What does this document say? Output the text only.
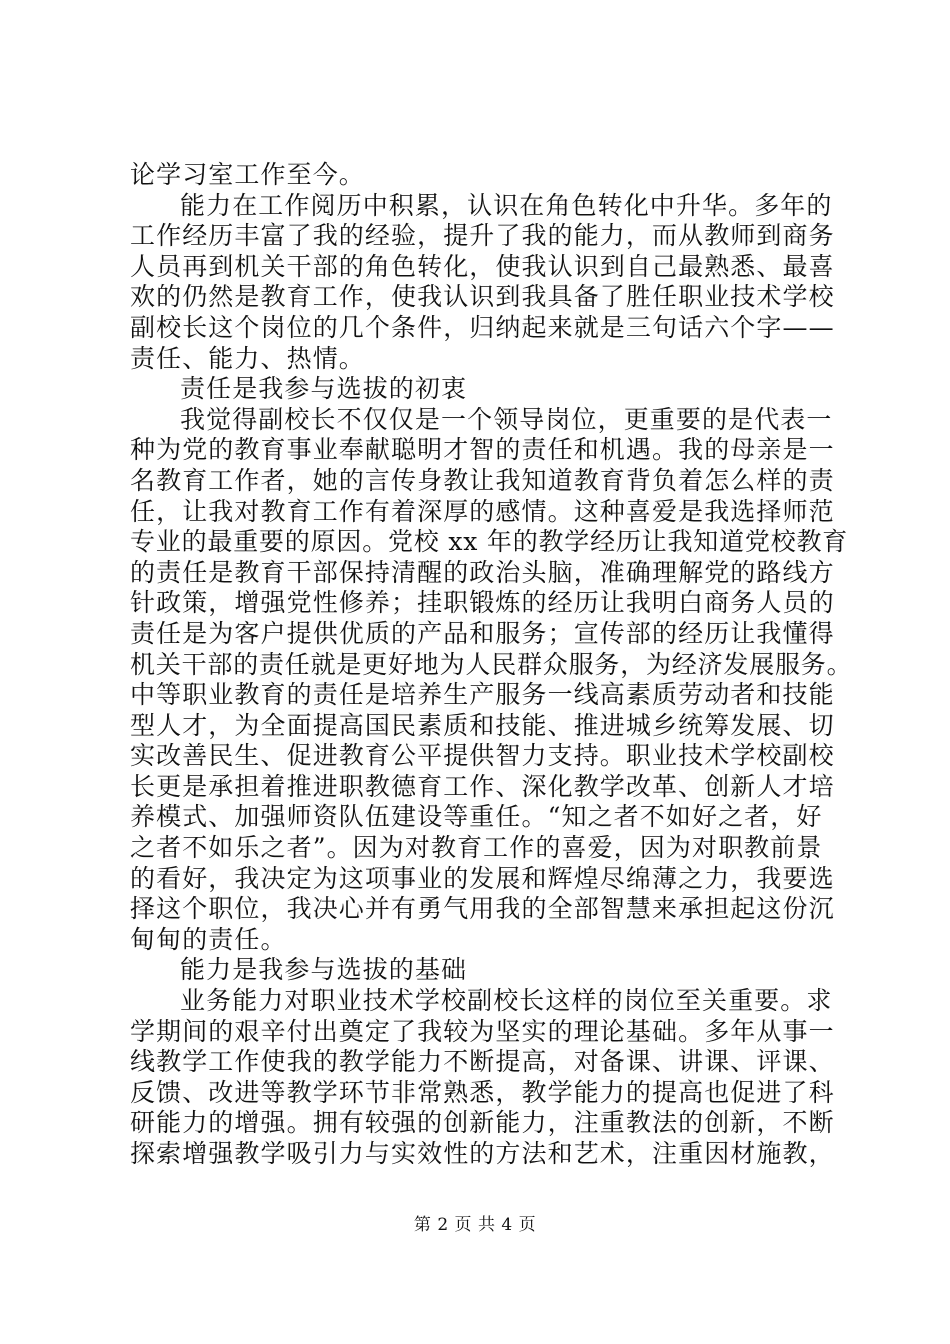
论学习室工作至今。
能力在工作阅历中积累，认识在角色转化中升华。多年的
工作经历丰富了我的经验，提升了我的能力，而从教师到商务
人员再到机关干部的角色转化，使我认识到自己最熟悉、最喜
欢的仍然是教育工作，使我认识到我具备了胜任职业技术学校
副校长这个岗位的几个条件，归纳起来就是三句话六个字——
责任、能力、热情。
责任是我参与选拔的初衷
我觉得副校长不仅仅是一个领导岗位，更重要的是代表一
种为党的教育事业奉献聪明才智的责任和机遇。我的母亲是一
名教育工作者，她的言传身教让我知道教育背负着怎么样的责
任，让我对教育工作有着深厚的感情。这种喜爱是我选择师范
专业的最重要的原因。党校 xx 年的教学经历让我知道党校教育
的责任是教育干部保持清醒的政治头脑，准确理解党的路线方
针政策，增强党性修养；挂职锻炼的经历让我明白商务人员的
责任是为客户提供优质的产品和服务；宣传部的经历让我懂得
机关干部的责任就是更好地为人民群众服务，为经济发展服务。
中等职业教育的责任是培养生产服务一线高素质劳动者和技能
型人才，为全面提高国民素质和技能、推进城乡统筹发展、切
实改善民生、促进教育公平提供智力支持。职业技术学校副校
长更是承担着推进职教德育工作、深化教学改革、创新人才培
养模式、加强师资队伍建设等重任。“知之者不如好之者，好
之者不如乐之者”。因为对教育工作的喜爱，因为对职教前景
的看好，我决定为这项事业的发展和辉煌尽绵薄之力，我要选
择这个职位，我决心并有勇气用我的全部智慧来承担起这份沉
甸甸的责任。
能力是我参与选拔的基础
业务能力对职业技术学校副校长这样的岗位至关重要。求
学期间的艰辛付出奠定了我较为坚实的理论基础。多年从事一
线教学工作使我的教学能力不断提高，对备课、讲课、评课、
反馈、改进等教学环节非常熟悉，教学能力的提高也促进了科
研能力的增强。拥有较强的创新能力，注重教法的创新，不断
探索增强教学吸引力与实效性的方法和艺术，注重因材施教，
第 2 页 共 4 页
